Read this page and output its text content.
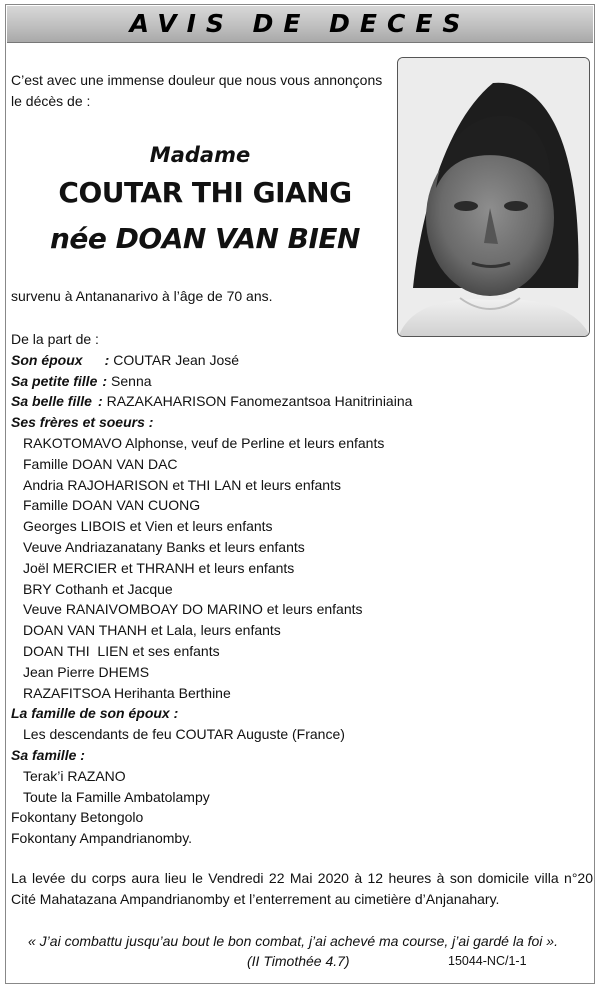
AVIS DE DECES
C’est avec une immense douleur que nous vous annonçons
le décès de :
Madame
COUTAR THI GIANG
née DOAN VAN BIEN
survenu à Antananarivo à l’âge de 70 ans.
De la part de :
Son époux : COUTAR Jean José
Sa petite fille : Senna
Sa belle fille : RAZAKAHARISON Fanomezantsoa Hanitriniaina
Ses frères et soeurs :
RAKOTOMAVO Alphonse, veuf de Perline et leurs enfants
Famille DOAN VAN DAC
Andria RAJOHARISON et THI LAN et leurs enfants
Famille DOAN VAN CUONG
Georges LIBOIS et Vien et leurs enfants
Veuve Andriazanatany Banks et leurs enfants
Joël MERCIER et THRANH et leurs enfants
BRY Cothanh et Jacque
Veuve RANAIVOMBOAY DO MARINO et leurs enfants
DOAN VAN THANH et Lala, leurs enfants
DOAN THI  LIEN et ses enfants
Jean Pierre DHEMS
RAZAFITSOA Herihanta Berthine
La famille de son époux :
Les descendants de feu COUTAR Auguste (France)
Sa famille :
Terak’i RAZANO
Toute la Famille Ambatolampy
Fokontany Betongolo
Fokontany Ampandrianomby.
La levée du corps aura lieu le Vendredi 22 Mai 2020 à 12 heures à son domicile villa n°20
Cité Mahatazana Ampandrianomby et l’enterrement au cimetière d’Anjanahary.
« J’ai combattu jusqu’au bout le bon combat, j’ai achevé ma course, j’ai gardé la foi ».
(II Timothée 4.7)	15044-NC/1-1
